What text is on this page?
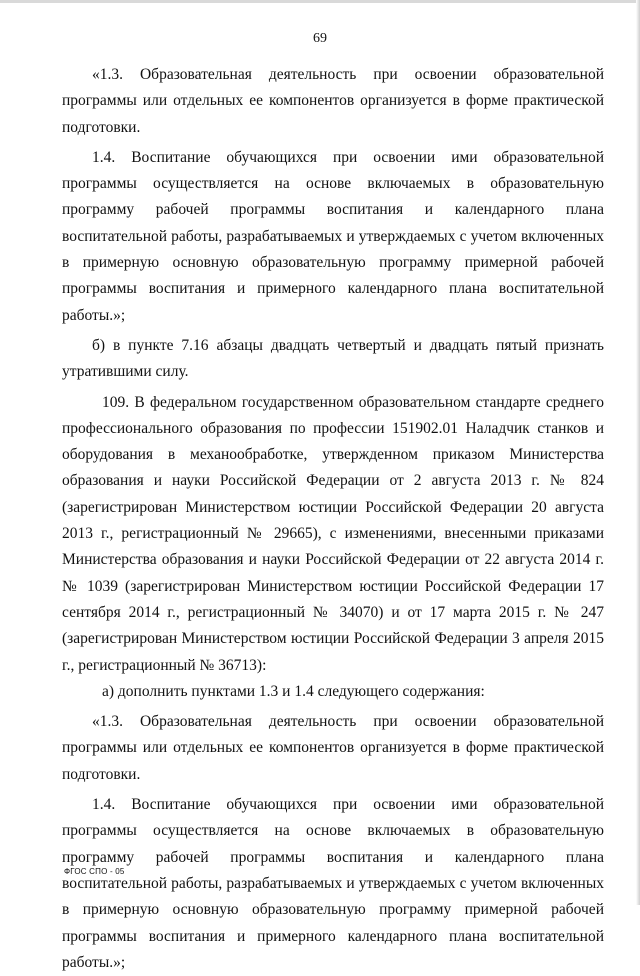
69

«1.3. Образовательная деятельность при освоении образовательной программы или отдельных ее компонентов организуется в форме практической подготовки.

1.4. Воспитание обучающихся при освоении ими образовательной программы осуществляется на основе включаемых в образовательную программу рабочей программы воспитания и календарного плана воспитательной работы, разрабатываемых и утверждаемых с учетом включенных в примерную основную образовательную программу примерной рабочей программы воспитания и примерного календарного плана воспитательной работы.»;

б) в пункте 7.16 абзацы двадцать четвертый и двадцать пятый признать утратившими силу.

109. В федеральном государственном образовательном стандарте среднего профессионального образования по профессии 151902.01 Наладчик станков и оборудования в механообработке, утвержденном приказом Министерства образования и науки Российской Федерации от 2 августа 2013 г. № 824 (зарегистрирован Министерством юстиции Российской Федерации 20 августа 2013 г., регистрационный № 29665), с изменениями, внесенными приказами Министерства образования и науки Российской Федерации от 22 августа 2014 г. № 1039 (зарегистрирован Министерством юстиции Российской Федерации 17 сентября 2014 г., регистрационный № 34070) и от 17 марта 2015 г. № 247 (зарегистрирован Министерством юстиции Российской Федерации 3 апреля 2015 г., регистрационный № 36713):

а) дополнить пунктами 1.3 и 1.4 следующего содержания:

«1.3. Образовательная деятельность при освоении образовательной программы или отдельных ее компонентов организуется в форме практической подготовки.

1.4. Воспитание обучающихся при освоении ими образовательной программы осуществляется на основе включаемых в образовательную программу рабочей программы воспитания и календарного плана воспитательной работы, разрабатываемых и утверждаемых с учетом включенных в примерную основную образовательную программу примерной рабочей программы воспитания и примерного календарного плана воспитательной работы.»;

ФГОС СПО - 05
